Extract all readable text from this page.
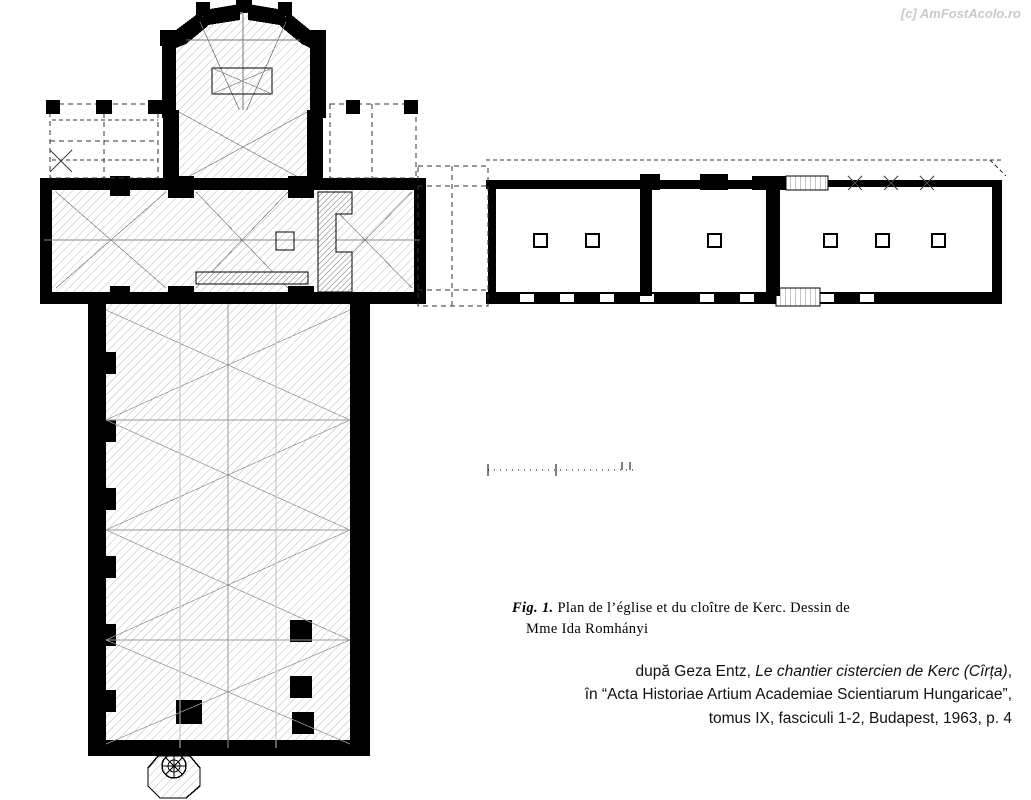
[c] AmFostAcolo.ro
Fig. 1. Plan de l’église et du cloître de Kerc. Dessin de
Mme Ida Romhányi
după Geza Entz, Le chantier cistercien de Kerc (Cîrța),
în “Acta Historiae Artium Academiae Scientiarum Hungaricae”,
tomus IX, fasciculi 1-2, Budapest, 1963, p. 4
